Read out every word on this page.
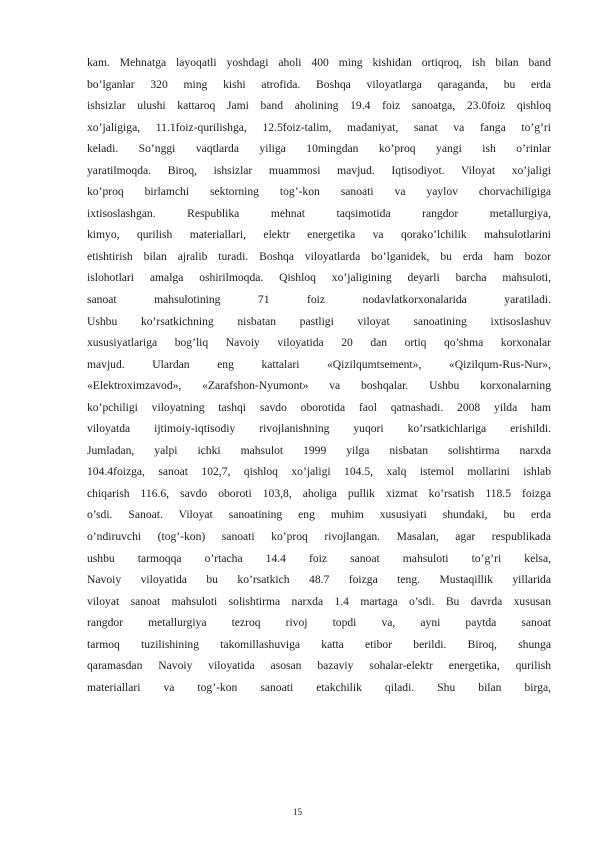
kam. Mehnatga layoqatli yoshdagi aholi 400 ming kishidan ortiqroq, ish bilan band
bo’lganlar 320 ming kishi atrofida. Boshqa viloyatlarga qaraganda, bu erda
ishsizlar ulushi kattaroq Jami band aholining 19.4 foiz sanoatga, 23.0foiz qishloq
xo’jaligiga, 11.1foiz-qurilishga, 12.5foiz-talim, madaniyat, sanat va fanga to’g’ri
keladi. So’nggi vaqtlarda yiliga 10mingdan ko’proq yangi ish o’rinlar
yaratilmoqda. Biroq, ishsizlar muammosi mavjud. Iqtisodiyot. Viloyat xo’jaligi
ko’proq birlamchi sektorning tog’-kon sanoati va yaylov chorvachiligiga
ixtisoslashgan. Respublika mehnat taqsimotida rangdor metallurgiya,
kimyo, qurilish materiallari, elektr energetika va qorako’lchilik mahsulotlarini
etishtirish bilan ajralib turadi. Boshqa viloyatlarda bo’lganidek, bu erda ham bozor
islohotlari amalga oshirilmoqda. Qishloq xo’jaligining deyarli barcha mahsuloti,
sanoat mahsulotining 71 foiz nodavlatkorxonalarida yaratiladi.
Ushbu ko’rsatkichning nisbatan pastligi viloyat sanoatining ixtisoslashuv
xususiyatlariga bog’liq Navoiy viloyatida 20 dan ortiq qo’shma korxonalar
mavjud. Ulardan eng kattalari «Qizilqumtsement», «Qizilqum-Rus-Nur»,
«Elektroximzavod», «Zarafshon-Nyumont» va boshqalar. Ushbu korxonalarning
ko’pchiligi viloyatning tashqi savdo oborotida faol qatnashadi. 2008 yilda ham
viloyatda ijtimoiy-iqtisodiy rivojlanishning yuqori ko’rsatkichlariga erishildi.
Jumladan, yalpi ichki mahsulot 1999 yilga nisbatan solishtirma narxda
104.4foizga, sanoat 102,7, qishloq xo’jaligi 104.5, xalq istemol mollarini ishlab
chiqarish 116.6, savdo oboroti 103,8, aholiga pullik xizmat ko’rsatish 118.5 foizga
o’sdi. Sanoat. Viloyat sanoatining eng muhim xususiyati shundaki, bu erda
o’ndiruvchi (tog’-kon) sanoati ko’proq rivojlangan. Masalan, agar respublikada
ushbu tarmoqqa o’rtacha 14.4 foiz sanoat mahsuloti to’g’ri kelsa,
Navoiy viloyatida bu ko’rsatkich 48.7 foizga teng. Mustaqillik yillarida
viloyat sanoat mahsuloti solishtirma narxda 1.4 martaga o’sdi. Bu davrda xususan
rangdor metallurgiya tezroq rivoj topdi va, ayni paytda sanoat
tarmoq tuzilishining takomillashuviga katta etibor berildi. Biroq, shunga
qaramasdan Navoiy viloyatida asosan bazaviy sohalar-elektr energetika, qurilish
materiallari va tog’-kon sanoati etakchilik qiladi. Shu bilan birga,
15
